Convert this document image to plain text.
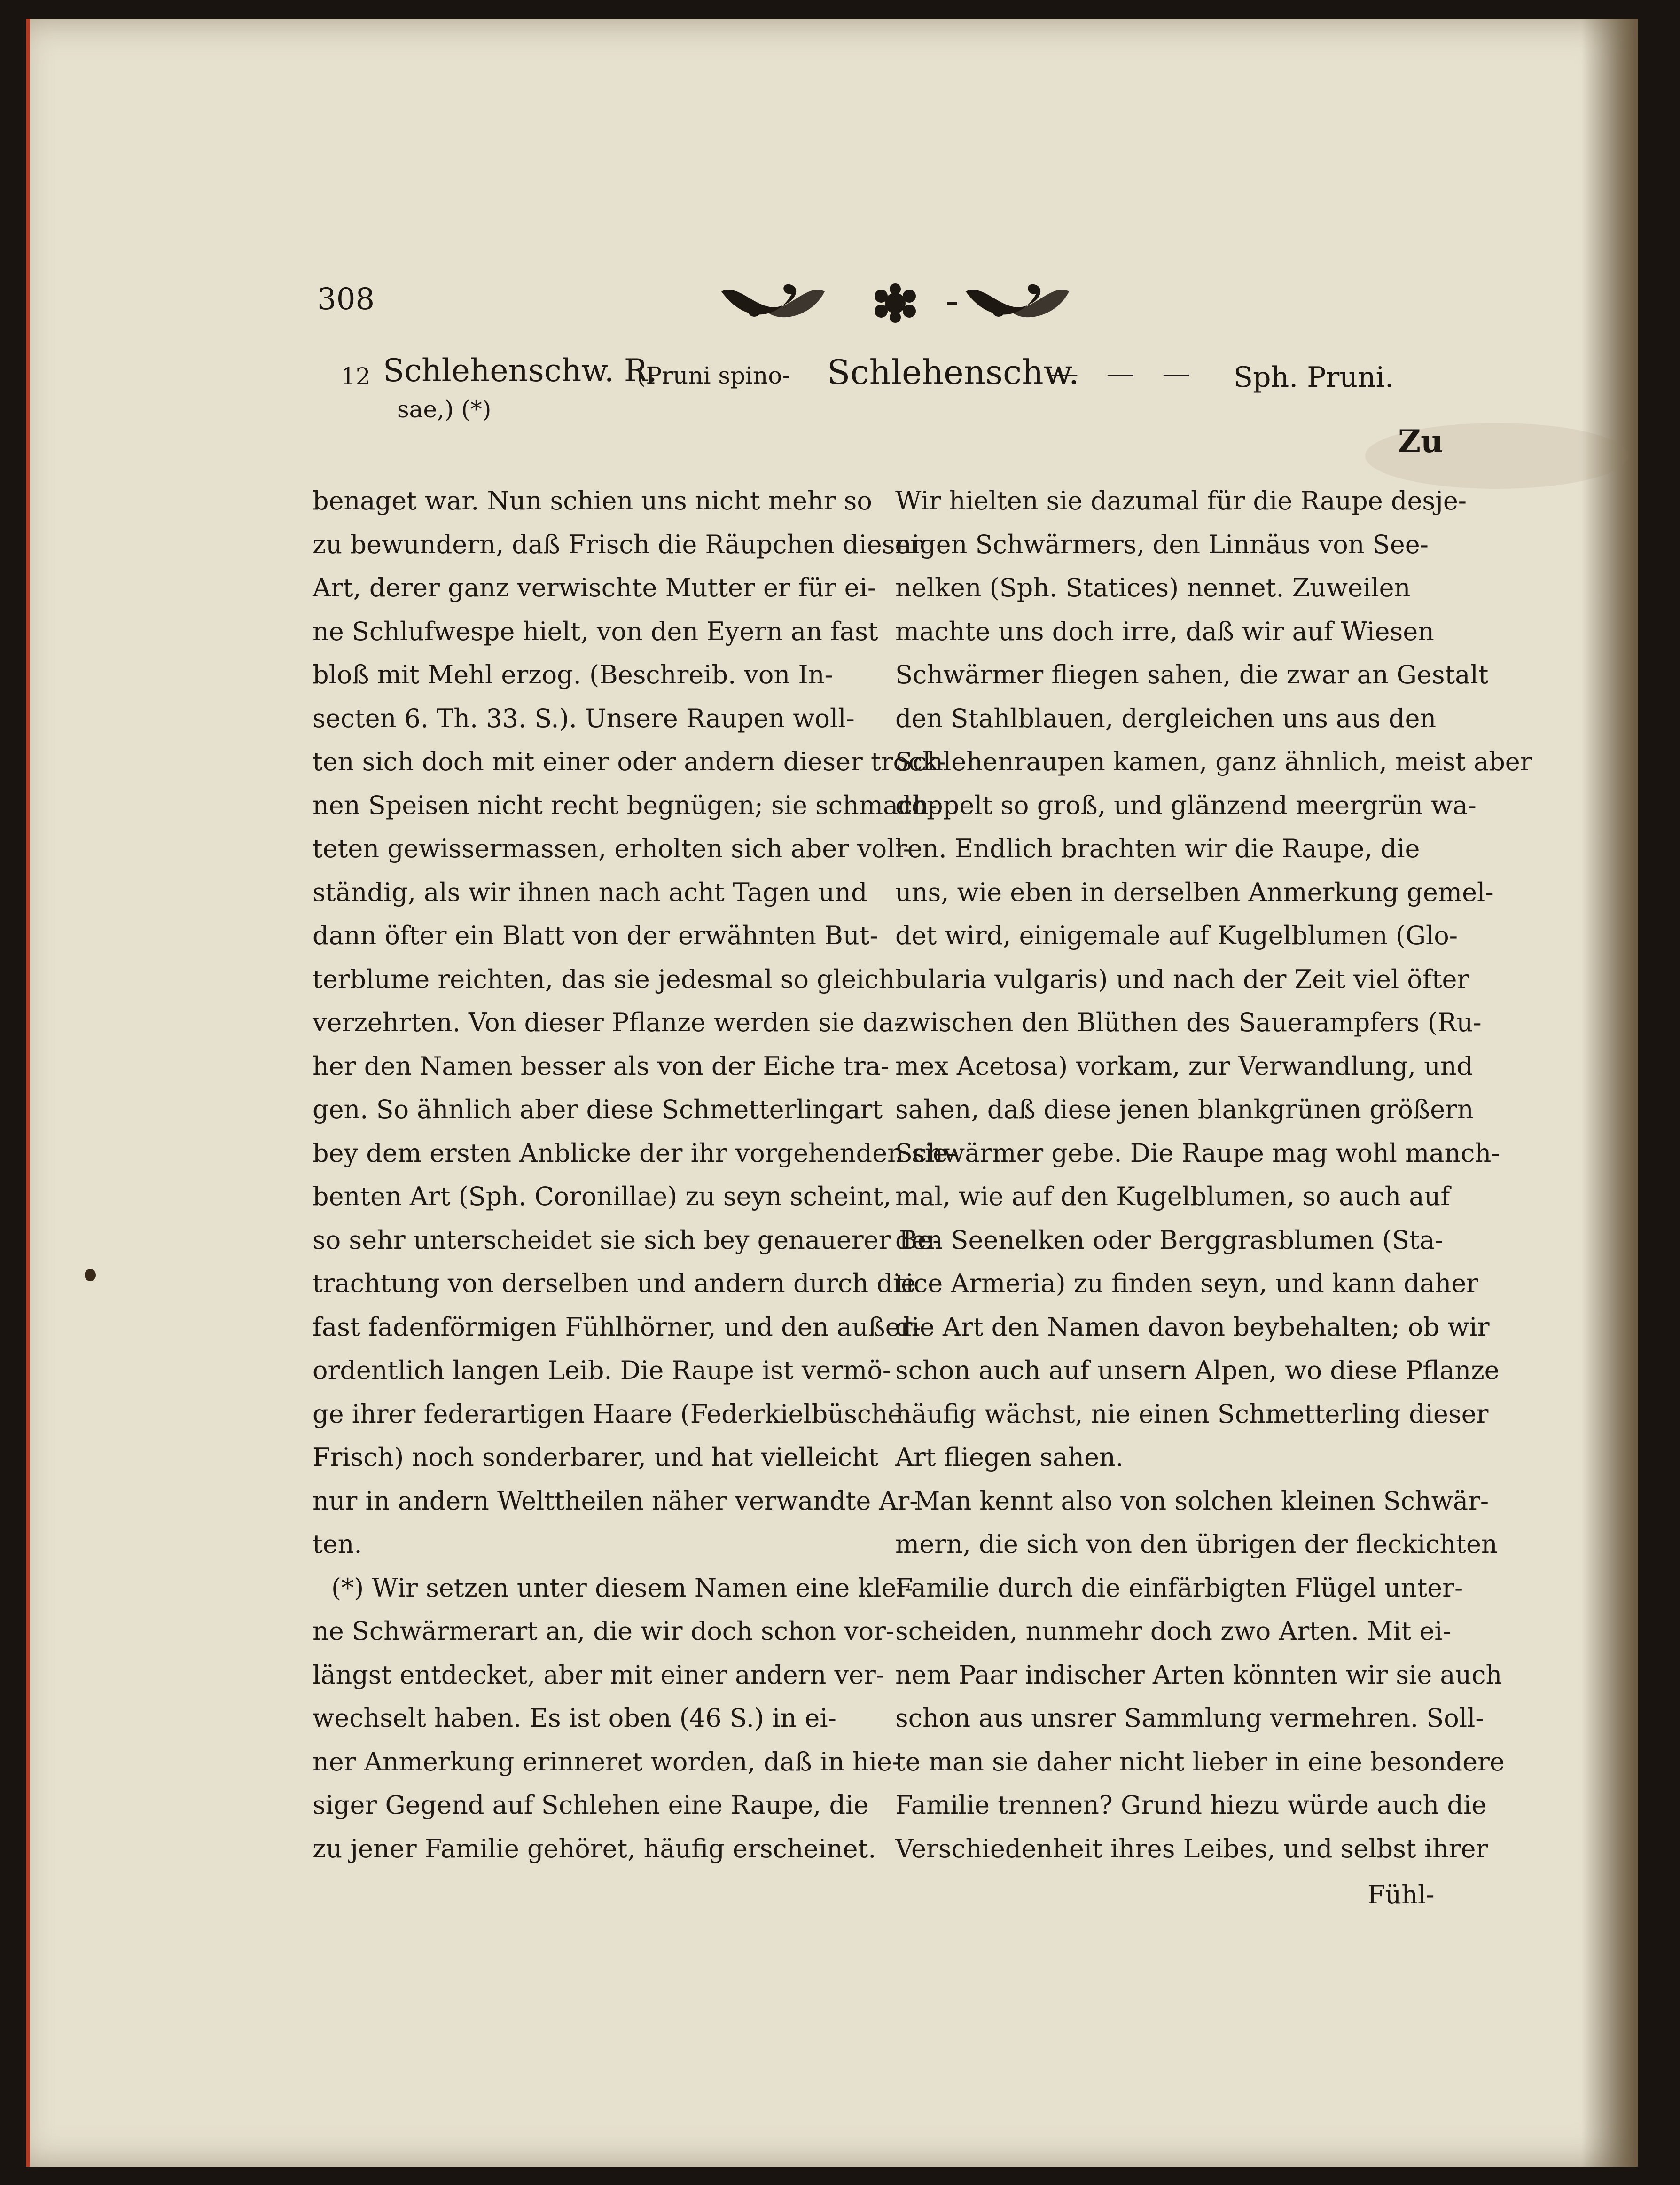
308
12 Schlehenschw. R.
(Pruni spino-
sae,) (*)
Schlehenschw.
— — — Sph. Pruni.
Zu
benaget war. Nun schien uns nicht mehr so
zu bewundern, daß Frisch die Räupchen dieser
Art, derer ganz verwischte Mutter er für ei-
ne Schlufwespe hielt, von den Eyern an fast
bloß mit Mehl erzog. (Beschreib. von In-
secten 6. Th. 33. S.). Unsere Raupen woll-
ten sich doch mit einer oder andern dieser trock-
nen Speisen nicht recht begnügen; sie schmach-
teten gewissermassen, erholten sich aber voll-
ständig, als wir ihnen nach acht Tagen und
dann öfter ein Blatt von der erwähnten But-
terblume reichten, das sie jedesmal so gleich
verzehrten. Von dieser Pflanze werden sie da-
her den Namen besser als von der Eiche tra-
gen. So ähnlich aber diese Schmetterlingart
bey dem ersten Anblicke der ihr vorgehenden sie-
benten Art (Sph. Coronillae) zu seyn scheint,
so sehr unterscheidet sie sich bey genauerer Be-
trachtung von derselben und andern durch die
fast fadenförmigen Fühlhörner, und den außer-
ordentlich langen Leib. Die Raupe ist vermö-
ge ihrer federartigen Haare (Federkielbüsche
Frisch) noch sonderbarer, und hat vielleicht
nur in andern Welttheilen näher verwandte Ar-
ten.
(*) Wir setzen unter diesem Namen eine klei-
ne Schwärmerart an, die wir doch schon vor-
längst entdecket, aber mit einer andern ver-
wechselt haben. Es ist oben (46 S.) in ei-
ner Anmerkung erinneret worden, daß in hie-
siger Gegend auf Schlehen eine Raupe, die
zu jener Familie gehöret, häufig erscheinet.
Wir hielten sie dazumal für die Raupe desje-
nigen Schwärmers, den Linnäus von See-
nelken (Sph. Statices) nennet. Zuweilen
machte uns doch irre, daß wir auf Wiesen
Schwärmer fliegen sahen, die zwar an Gestalt
den Stahlblauen, dergleichen uns aus den
Schlehenraupen kamen, ganz ähnlich, meist aber
doppelt so groß, und glänzend meergrün wa-
ren. Endlich brachten wir die Raupe, die
uns, wie eben in derselben Anmerkung gemel-
det wird, einigemale auf Kugelblumen (Glo-
bularia vulgaris) und nach der Zeit viel öfter
zwischen den Blüthen des Sauerampfers (Ru-
mex Acetosa) vorkam, zur Verwandlung, und
sahen, daß diese jenen blankgrünen größern
Schwärmer gebe. Die Raupe mag wohl manch-
mal, wie auf den Kugelblumen, so auch auf
den Seenelken oder Berggrasblumen (Sta-
tice Armeria) zu finden seyn, und kann daher
die Art den Namen davon beybehalten; ob wir
schon auch auf unsern Alpen, wo diese Pflanze
häufig wächst, nie einen Schmetterling dieser
Art fliegen sahen.
Man kennt also von solchen kleinen Schwär-
mern, die sich von den übrigen der fleckichten
Familie durch die einfärbigten Flügel unter-
scheiden, nunmehr doch zwo Arten. Mit ei-
nem Paar indischer Arten könnten wir sie auch
schon aus unsrer Sammlung vermehren. Soll-
te man sie daher nicht lieber in eine besondere
Familie trennen? Grund hiezu würde auch die
Verschiedenheit ihres Leibes, und selbst ihrer
Fühl-
